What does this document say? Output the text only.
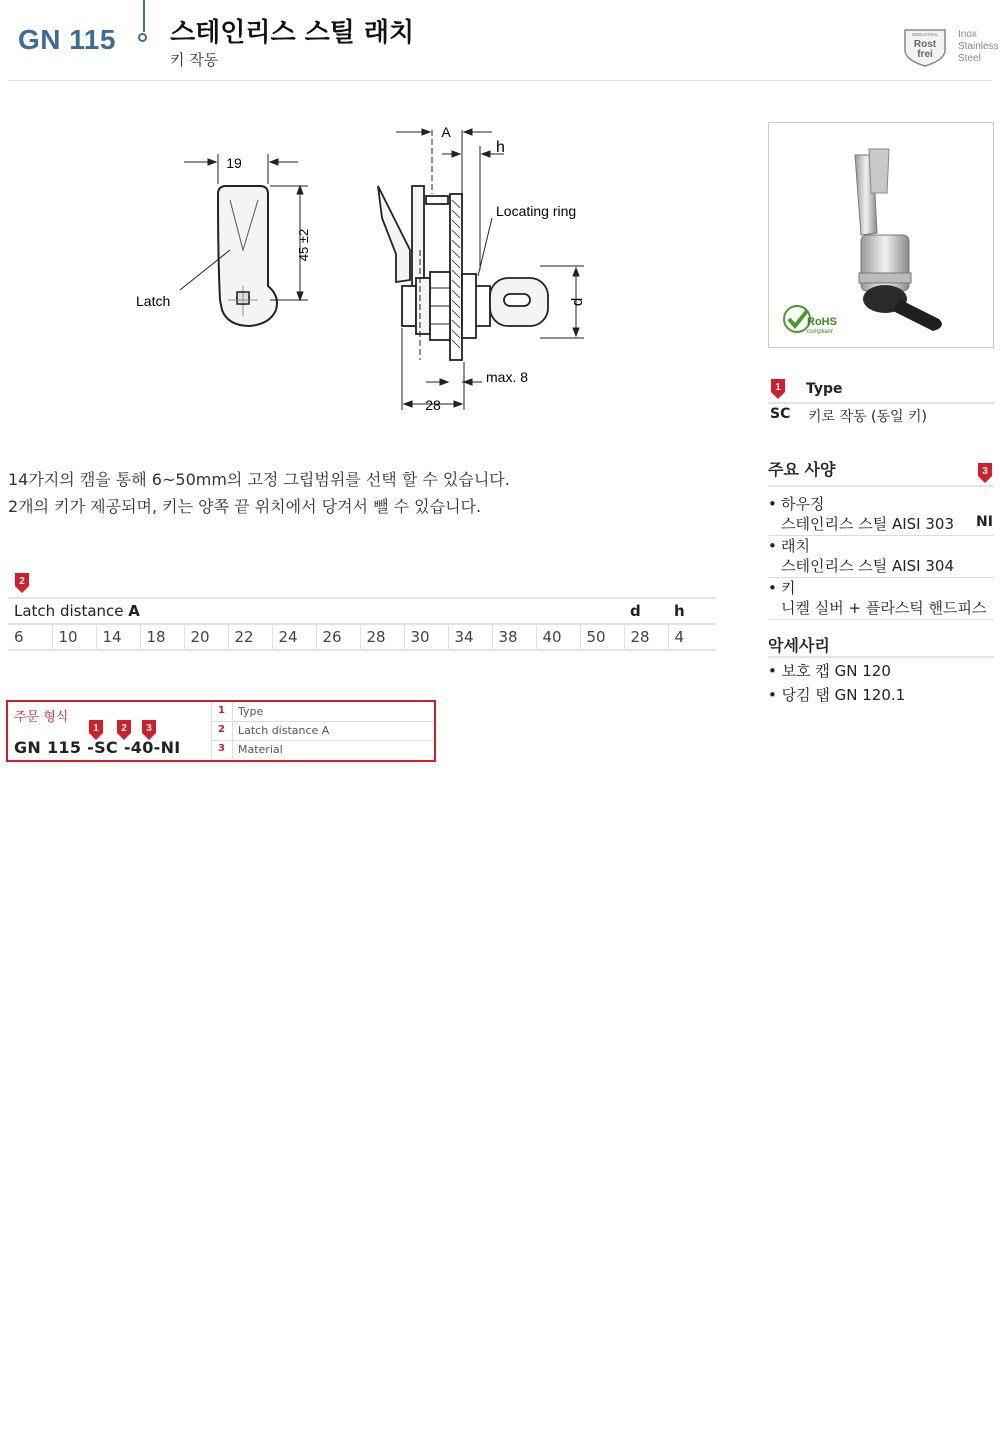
GN 115 스테인리스 스틸 래치
키 작동
EDELSTAHL
Rost
frei
Inox
Stainless
Steel
19
45 ±2
Latch
A
h
Locating ring
d
max. 8
28
RoHS
compliant
1 Type
SC 키로 작동 (동일 키)
주요 사양	3
• 하우징
스테인리스 스틸 AISI 303	NI
• 래치
스테인리스 스틸 AISI 304
• 키
니켈 실버 + 플라스틱 핸드피스
악세사리
• 보호 캡 GN 120
• 당김 탭 GN 120.1
14가지의 캠을 통해 6~50mm의 고정 그립범위를 선택 할 수 있습니다.
2개의 키가 제공되며, 키는 양쪽 끝 위치에서 당겨서 뺄 수 있습니다.
2
Latch distance A														d	h
6	10	14	18	20	22	24	26	28	30	34	38	40	50	28	4
주문 형식
1 2 3
GN 115 -SC -40-NI
1 Type
2 Latch distance A
3 Material
